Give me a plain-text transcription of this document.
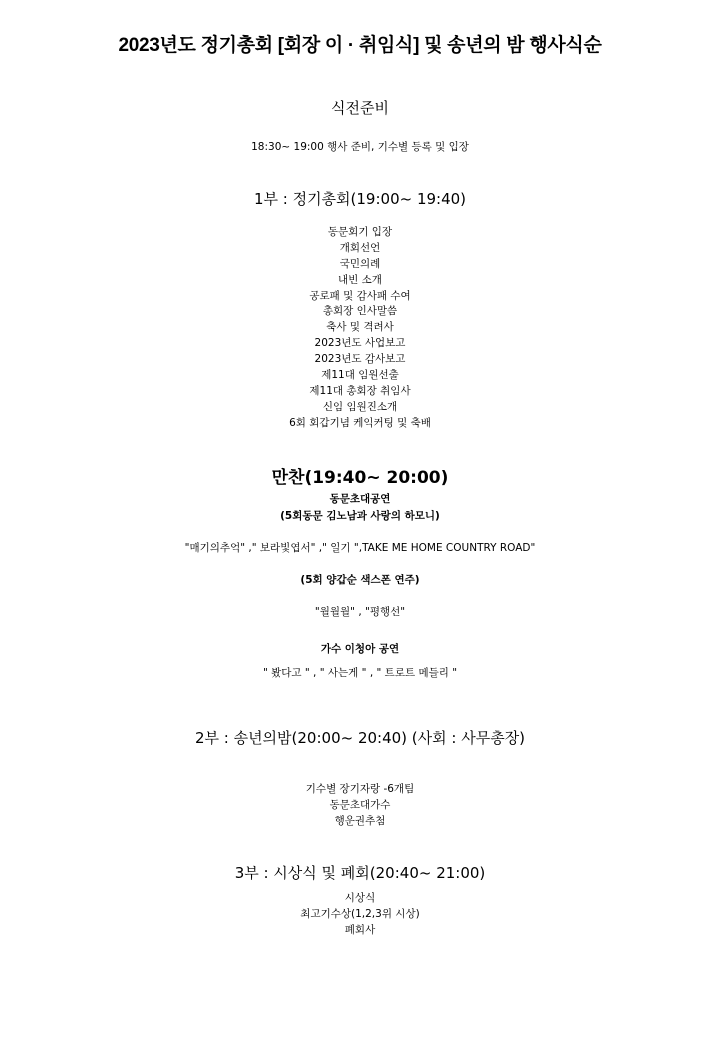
2023년도 정기총회 [회장 이 · 취임식] 및 송년의 밤 행사식순
식전준비
18:30~ 19:00 행사 준비, 기수별 등록 및 입장
1부 : 정기총회(19:00~ 19:40)
동문회기 입장
개회선언
국민의례
내빈 소개
공로패 및 감사패 수여
총회장 인사말씀
축사 및 격려사
2023년도 사업보고
2023년도 감사보고
제11대 임원선출
제11대 총회장 취임사
신임 임원진소개
6회 회갑기념 케익커팅 및 축배
만찬(19:40~ 20:00)
동문초대공연
(5회동문 김노남과 사랑의 하모니)
"매기의추억" ," 보라빛엽서" ," 일기 ",TAKE ME HOME COUNTRY ROAD"
(5회 양갑순 색스폰 연주)
"월월월" , "평행선"
가수 이청아 공연
" 봤다고 " , " 사는게 " , " 트로트 메들리 "
2부 : 송년의밤(20:00~ 20:40) (사회 : 사무총장)
기수별 장기자랑 -6개팀
동문초대가수
행운권추첨
3부 : 시상식 및 폐회(20:40~ 21:00)
시상식
최고기수상(1,2,3위 시상)
폐회사
